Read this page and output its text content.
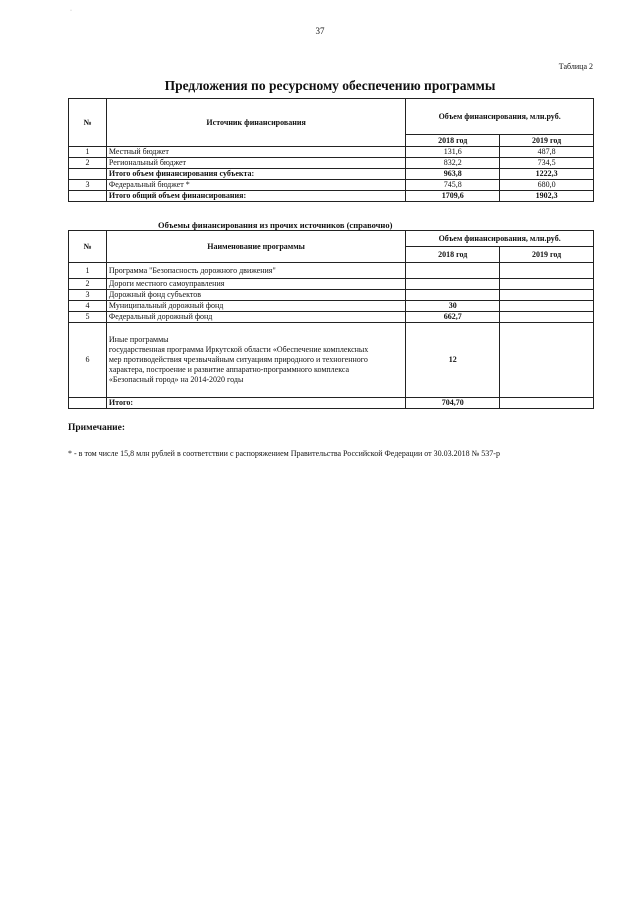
·
37
Таблица 2
Предложения по ресурсному обеспечению программы
№	Источник финансирования	Объем финансирования, млн.руб.	
		2018 год	2019 год
1	Местный бюджет	131,6	487,8
2	Региональный бюджет	832,2	734,5
	Итого объем финансирования субъекта:	963,8	1222,3
3	Федеральный бюджет *	745,8	680,0
	Итого общий объем финансирования:	1709,6	1902,3
Объемы финансирования из прочих источников (справочно)
№	Наименование программы	Объем финансирования, млн.руб.	
		2018 год	2019 год
1	Программа "Безопасность дорожного движения"		
2	Дороги местного самоуправления		
3	Дорожный фонд субъектов		
4	Муниципальный дорожный фонд	30	
5	Федеральный дорожный фонд	662,7	
6	Иные программы
государственная программа Иркутской области «Обеспечение комплексных
мер противодействия чрезвычайным ситуациям природного и техногенного
характера, построение и развитие аппаратно-программного комплекса
«Безопасный город» на 2014-2020 годы	12	
	Итого:	704,70	
Примечание:
* - в том числе 15,8 млн рублей в соответствии с распоряжением Правительства Российской Федерации от 30.03.2018 № 537-р
